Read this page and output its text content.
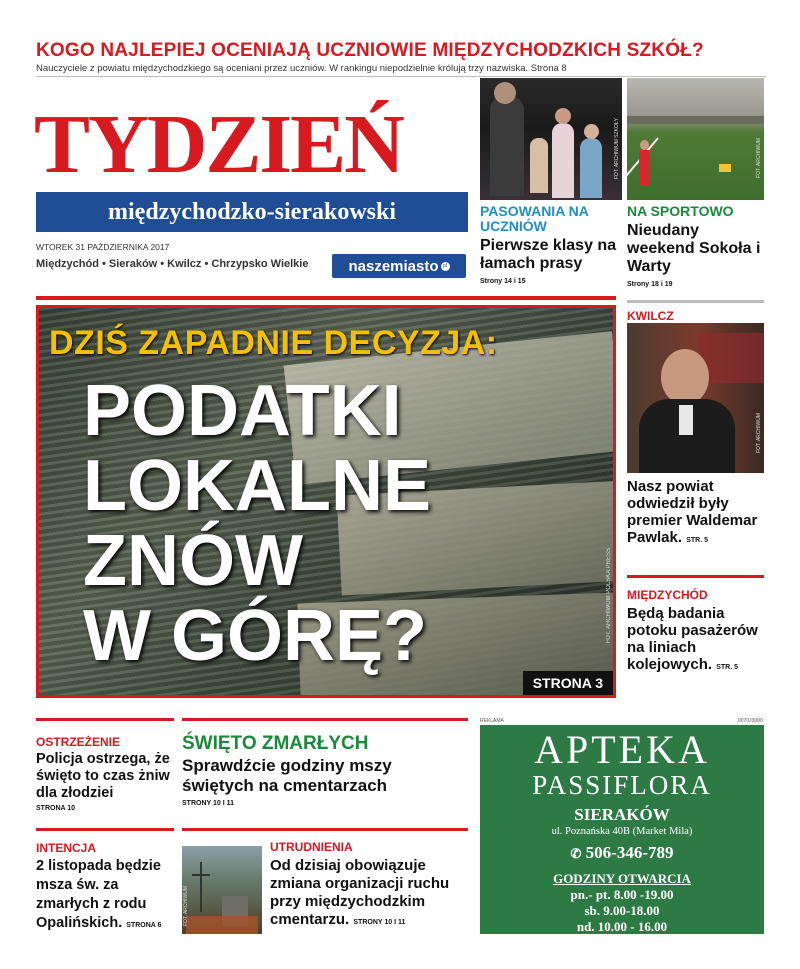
KOGO NAJLEPIEJ OCENIAJĄ UCZNIOWIE MIĘDZYCHODZKICH SZKÓŁ?
Nauczyciele z powiatu międzychodzkiego są oceniani przez uczniów. W rankingu niepodzielnie królują trzy nazwiska. Strona 8
TYDZIEŃ
międzychodzko-sierakowski
WTOREK 31 PAŹDZIERNIKA 2017
Międzychód • Sieraków • Kwilcz • Chrzypsko Wielkie	naszemiasto pl
FOT. ARCHIWUM SZKOŁY
PASOWANIA NA UCZNIÓW
Pierwsze klasy na łamach prasy
Strony 14 i 15
FOT. ARCHIWUM
NA SPORTOWO
Nieudany weekend Sokoła i Warty
Strony 18 i 19
DZIŚ ZAPADNIE DECYZJA:
PODATKI
LOKALNE
ZNÓW
W GÓRĘ?
STRONA 3
FOT. ARCHIWUM POLSKA PRESS
KWILCZ
FOT. ARCHIWUM
Nasz powiat odwiedził były premier Waldemar Pawlak. STR. 5
MIĘDZYCHÓD
Będą badania potoku pasażerów na liniach kolejowych. STR. 5
OSTRZEŻENIE
Policja ostrzega, że święto to czas żniw dla złodziei
STRONA 10
ŚWIĘTO ZMARŁYCH
Sprawdźcie godziny mszy świętych na cmentarzach
STRONY 10 I 11
INTENCJA
2 listopada będzie msza św. za zmarłych z rodu Opalińskich. STRONA 6	FOT. ARCHIWUM
UTRUDNIENIA
Od dzisiaj obowiązuje zmiana organizacji ruchu przy międzychodzkim cmentarzu. STRONY 10 I 11
REKLAMA	0070J3000
APTEKA
PASSIFLORA
SIERAKÓW
ul. Poznańska 40B (Market Mila)
✆ 506-346-789
GODZINY OTWARCIA
pn.- pt. 8.00 -19.00
sb. 9.00-18.00
nd. 10.00 - 16.00
